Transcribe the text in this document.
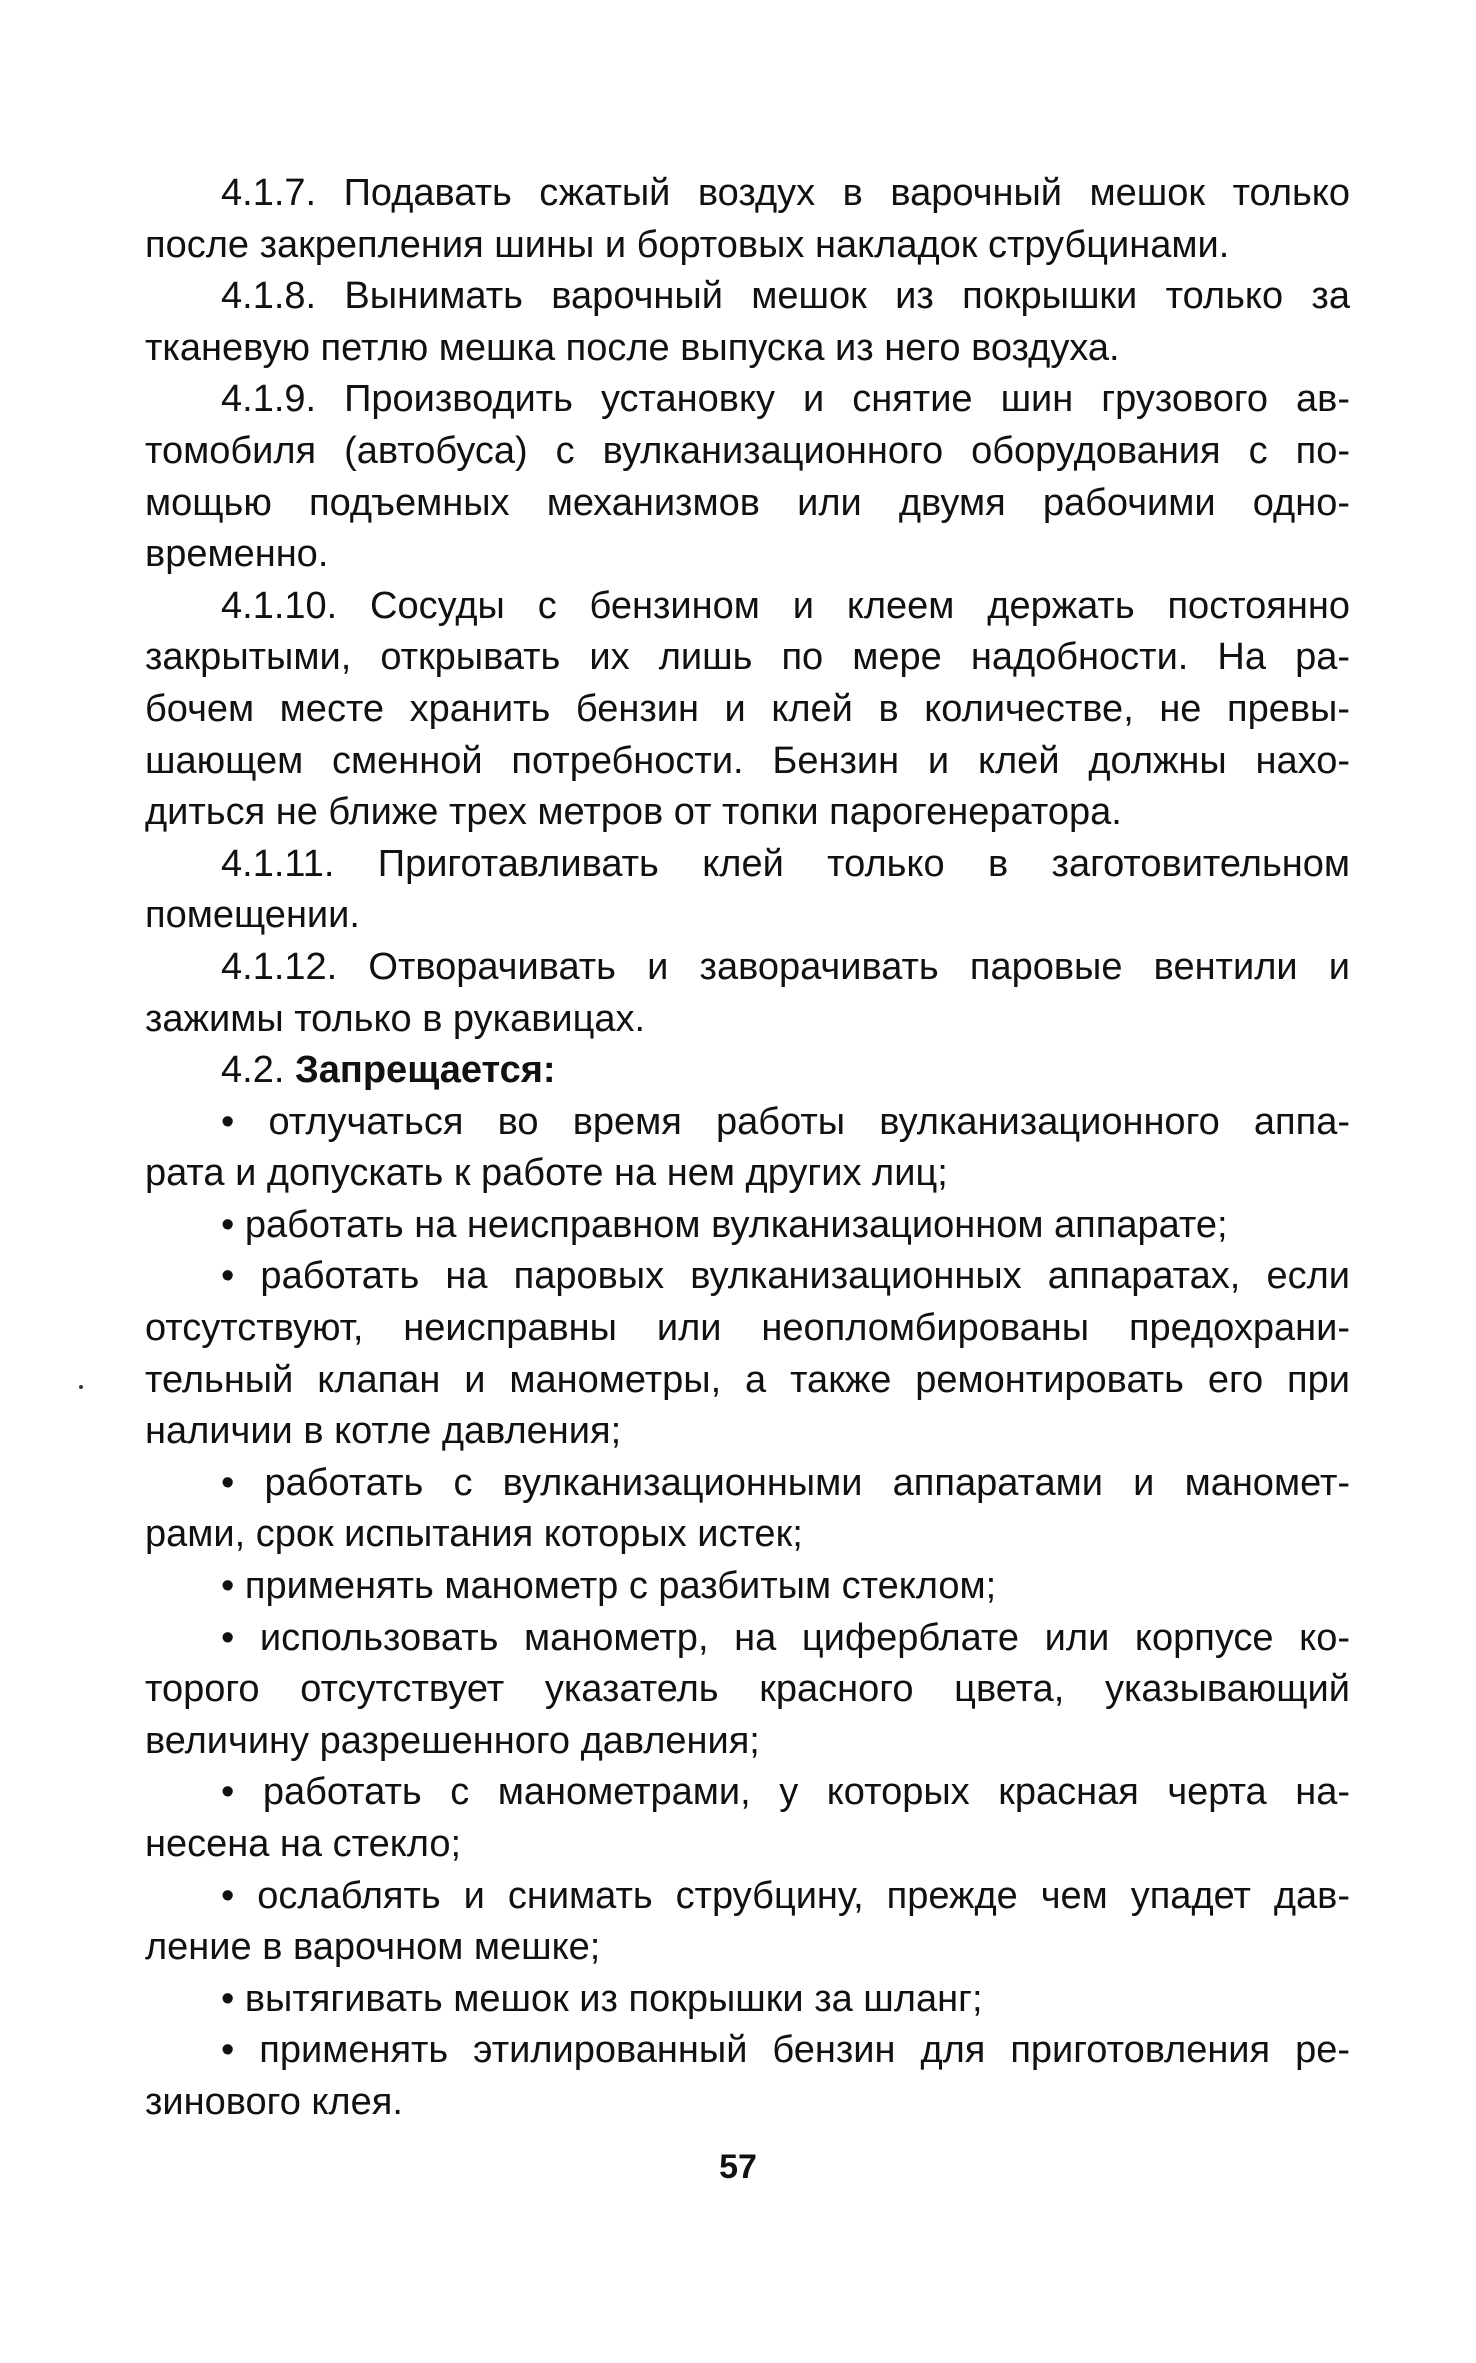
4.1.7. Подавать сжатый воздух в варочный мешок только
после закрепления шины и бортовых накладок струбцинами.
4.1.8. Вынимать варочный мешок из покрышки только за
тканевую петлю мешка после выпуска из него воздуха.
4.1.9. Производить установку и снятие шин грузового ав-
томобиля (автобуса) с вулканизационного оборудования с по-
мощью подъемных механизмов или двумя рабочими одно-
временно.
4.1.10. Сосуды с бензином и клеем держать постоянно
закрытыми, открывать их лишь по мере надобности. На ра-
бочем месте хранить бензин и клей в количестве, не превы-
шающем сменной потребности. Бензин и клей должны нахо-
диться не ближе трех метров от топки парогенератора.
4.1.11. Приготавливать клей только в заготовительном
помещении.
4.1.12. Отворачивать и заворачивать паровые вентили и
зажимы только в рукавицах.
4.2. Запрещается:
• отлучаться во время работы вулканизационного аппа-
рата и допускать к работе на нем других лиц;
• работать на неисправном вулканизационном аппарате;
• работать на паровых вулканизационных аппаратах, если
отсутствуют, неисправны или неопломбированы предохрани-
тельный клапан и манометры, а также ремонтировать его при
наличии в котле давления;
• работать с вулканизационными аппаратами и маномет-
рами, срок испытания которых истек;
• применять манометр с разбитым стеклом;
• использовать манометр, на циферблате или корпусе ко-
торого отсутствует указатель красного цвета, указывающий
величину разрешенного давления;
• работать с манометрами, у которых красная черта на-
несена на стекло;
• ослаблять и снимать струбцину, прежде чем упадет дав-
ление в варочном мешке;
• вытягивать мешок из покрышки за шланг;
• применять этилированный бензин для приготовления ре-
зинового клея.
57
